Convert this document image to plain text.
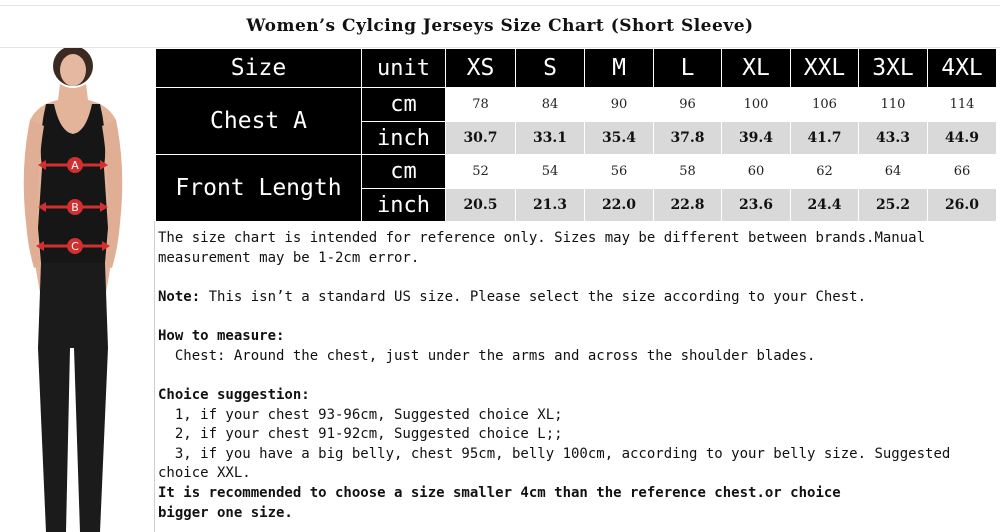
Women’s Cylcing Jerseys Size Chart (Short Sleeve)
A
B
C
Size	unit	XS	S	M	L	XL	XXL	3XL	4XL
Chest A	cm	78	84	90	96	100	106	110	114
	inch	30.7	33.1	35.4	37.8	39.4	41.7	43.3	44.9
Front Length	cm	52	54	56	58	60	62	64	66
	inch	20.5	21.3	22.0	22.8	23.6	24.4	25.2	26.0
The size chart is intended for reference only. Sizes may be different between brands.Manual
measurement may be 1-2cm error.
Note: This isn’t a standard US size. Please select the size according to your Chest.
How to measure:
Chest: Around the chest, just under the arms and across the shoulder blades.
Choice suggestion:
1, if your chest 93-96cm, Suggested choice XL;
2, if your chest 91-92cm, Suggested choice L;;
3, if you have a big belly, chest 95cm, belly 100cm, according to your belly size. Suggested
choice XXL.
It is recommended to choose a size smaller 4cm than the reference chest.or choice
bigger one size.
